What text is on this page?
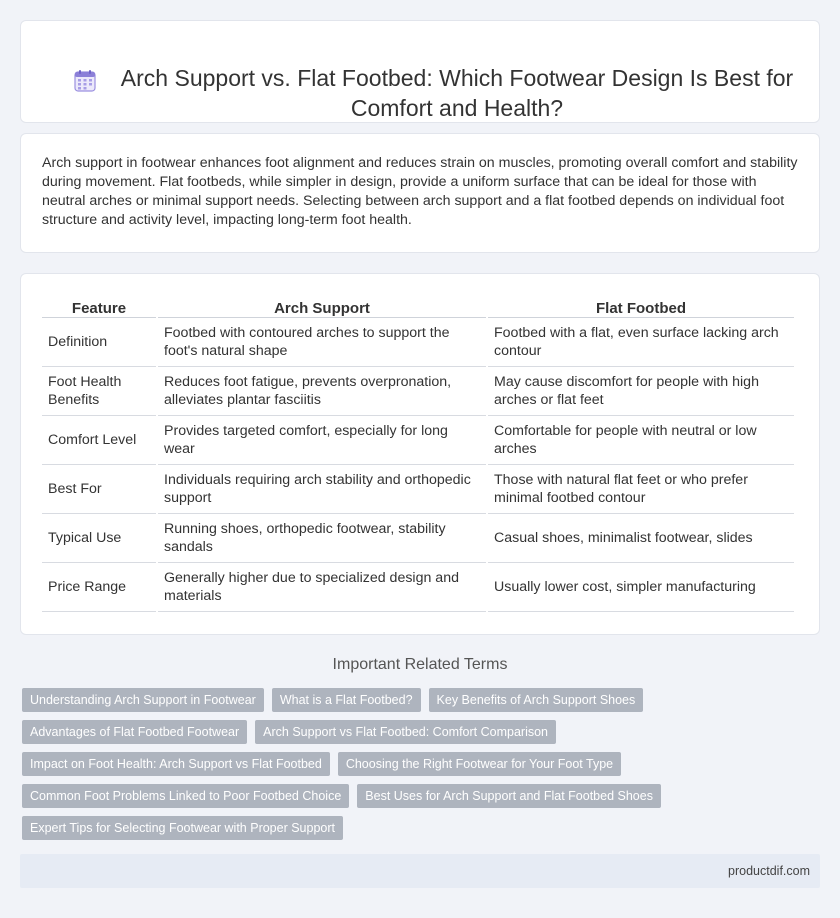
Arch Support vs. Flat Footbed: Which Footwear Design Is Best for Comfort and Health?

Arch support in footwear enhances foot alignment and reduces strain on muscles, promoting overall comfort and stability during movement. Flat footbeds, while simpler in design, provide a uniform surface that can be ideal for those with neutral arches or minimal support needs. Selecting between arch support and a flat footbed depends on individual foot structure and activity level, impacting long-term foot health.

Feature	Arch Support	Flat Footbed
Definition	Footbed with contoured arches to support the foot's natural shape	Footbed with a flat, even surface lacking arch contour
Foot Health Benefits	Reduces foot fatigue, prevents overpronation, alleviates plantar fasciitis	May cause discomfort for people with high arches or flat feet
Comfort Level	Provides targeted comfort, especially for long wear	Comfortable for people with neutral or low arches
Best For	Individuals requiring arch stability and orthopedic support	Those with natural flat feet or who prefer minimal footbed contour
Typical Use	Running shoes, orthopedic footwear, stability sandals	Casual shoes, minimalist footwear, slides
Price Range	Generally higher due to specialized design and materials	Usually lower cost, simpler manufacturing
Important Related Terms
Understanding Arch Support in Footwear	What is a Flat Footbed?	Key Benefits of Arch Support Shoes
Advantages of Flat Footbed Footwear	Arch Support vs Flat Footbed: Comfort Comparison
Impact on Foot Health: Arch Support vs Flat Footbed	Choosing the Right Footwear for Your Foot Type
Common Foot Problems Linked to Poor Footbed Choice	Best Uses for Arch Support and Flat Footbed Shoes
Expert Tips for Selecting Footwear with Proper Support
productdif.com
